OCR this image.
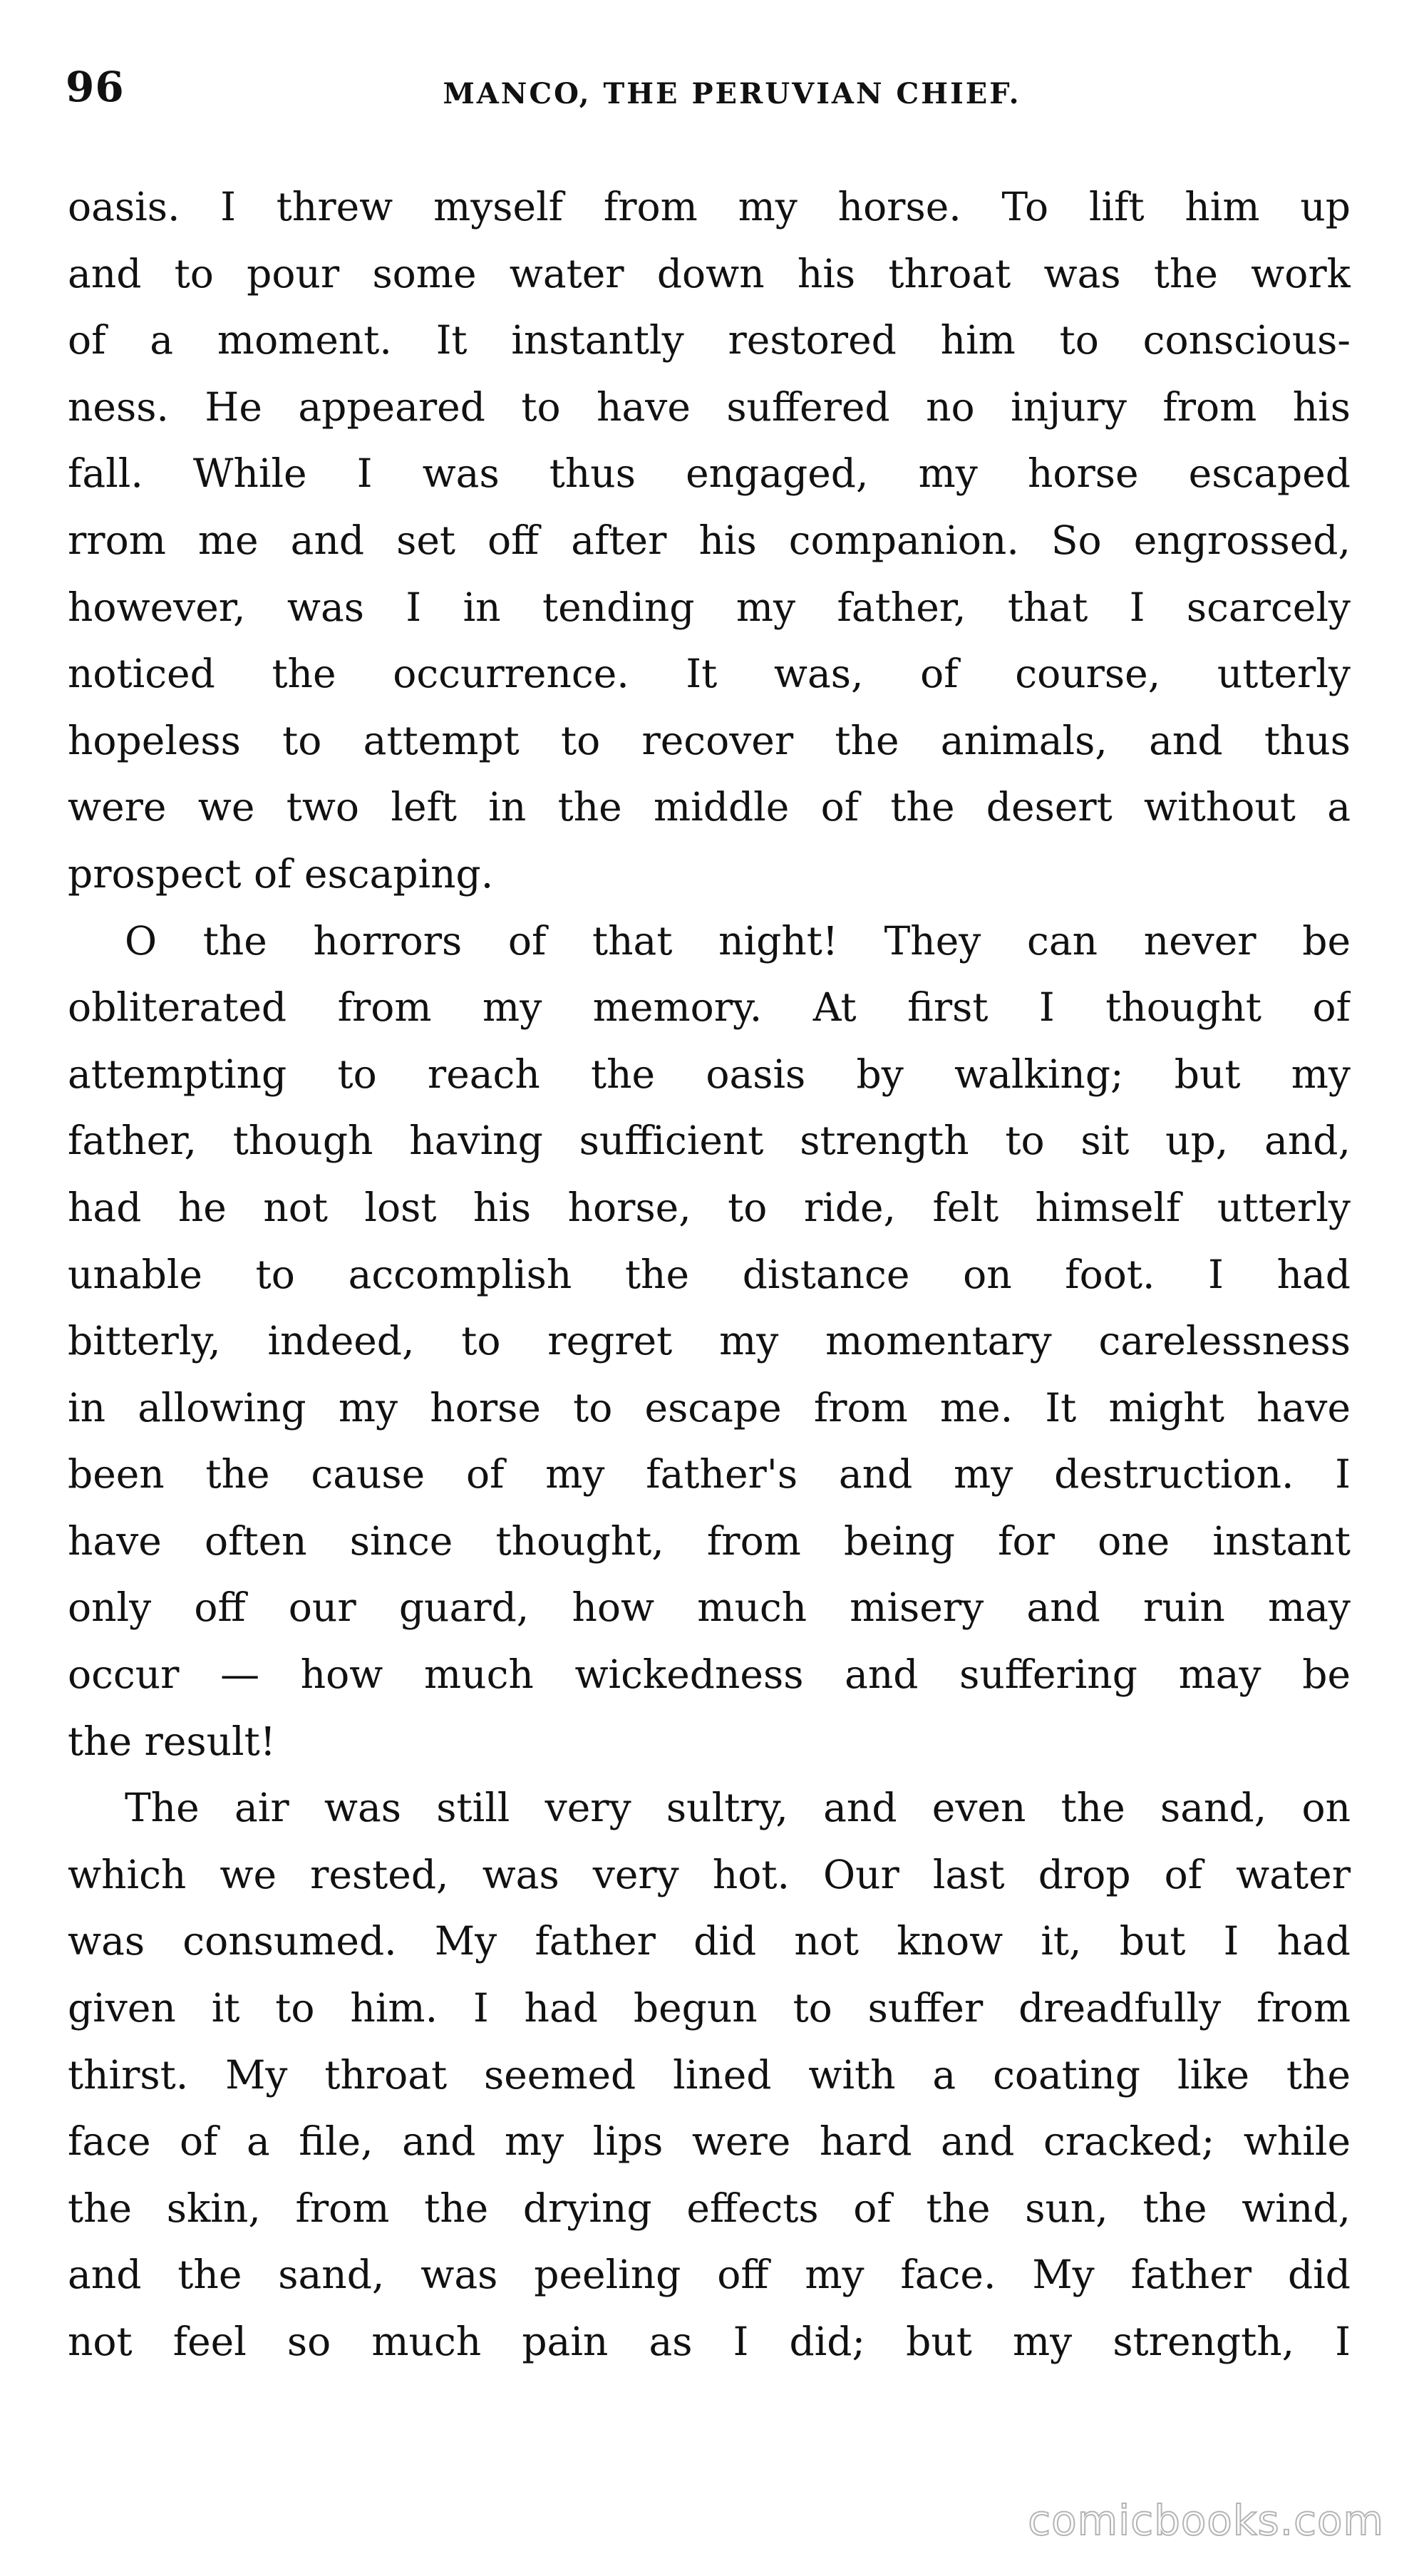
96	MANCO, THE PERUVIAN CHIEF.

oasis. I threw myself from my horse. To lift him up
and to pour some water down his throat was the work
of a moment. It instantly restored him to conscious-
ness. He appeared to have suffered no injury from his
fall. While I was thus engaged, my horse escaped
rrom me and set off after his companion. So engrossed,
however, was I in tending my father, that I scarcely
noticed the occurrence. It was, of course, utterly
hopeless to attempt to recover the animals, and thus
were we two left in the middle of the desert without a
prospect of escaping.

O the horrors of that night! They can never be
obliterated from my memory. At first I thought of
attempting to reach the oasis by walking; but my
father, though having sufficient strength to sit up, and,
had he not lost his horse, to ride, felt himself utterly
unable to accomplish the distance on foot. I had
bitterly, indeed, to regret my momentary carelessness
in allowing my horse to escape from me. It might have
been the cause of my father's and my destruction. I
have often since thought, from being for one instant
only off our guard, how much misery and ruin may
occur — how much wickedness and suffering may be
the result!

The air was still very sultry, and even the sand, on
which we rested, was very hot. Our last drop of water
was consumed. My father did not know it, but I had
given it to him. I had begun to suffer dreadfully from
thirst. My throat seemed lined with a coating like the
face of a file, and my lips were hard and cracked; while
the skin, from the drying effects of the sun, the wind,
and the sand, was peeling off my face. My father did
not feel so much pain as I did; but my strength, I

comicbooks.com
